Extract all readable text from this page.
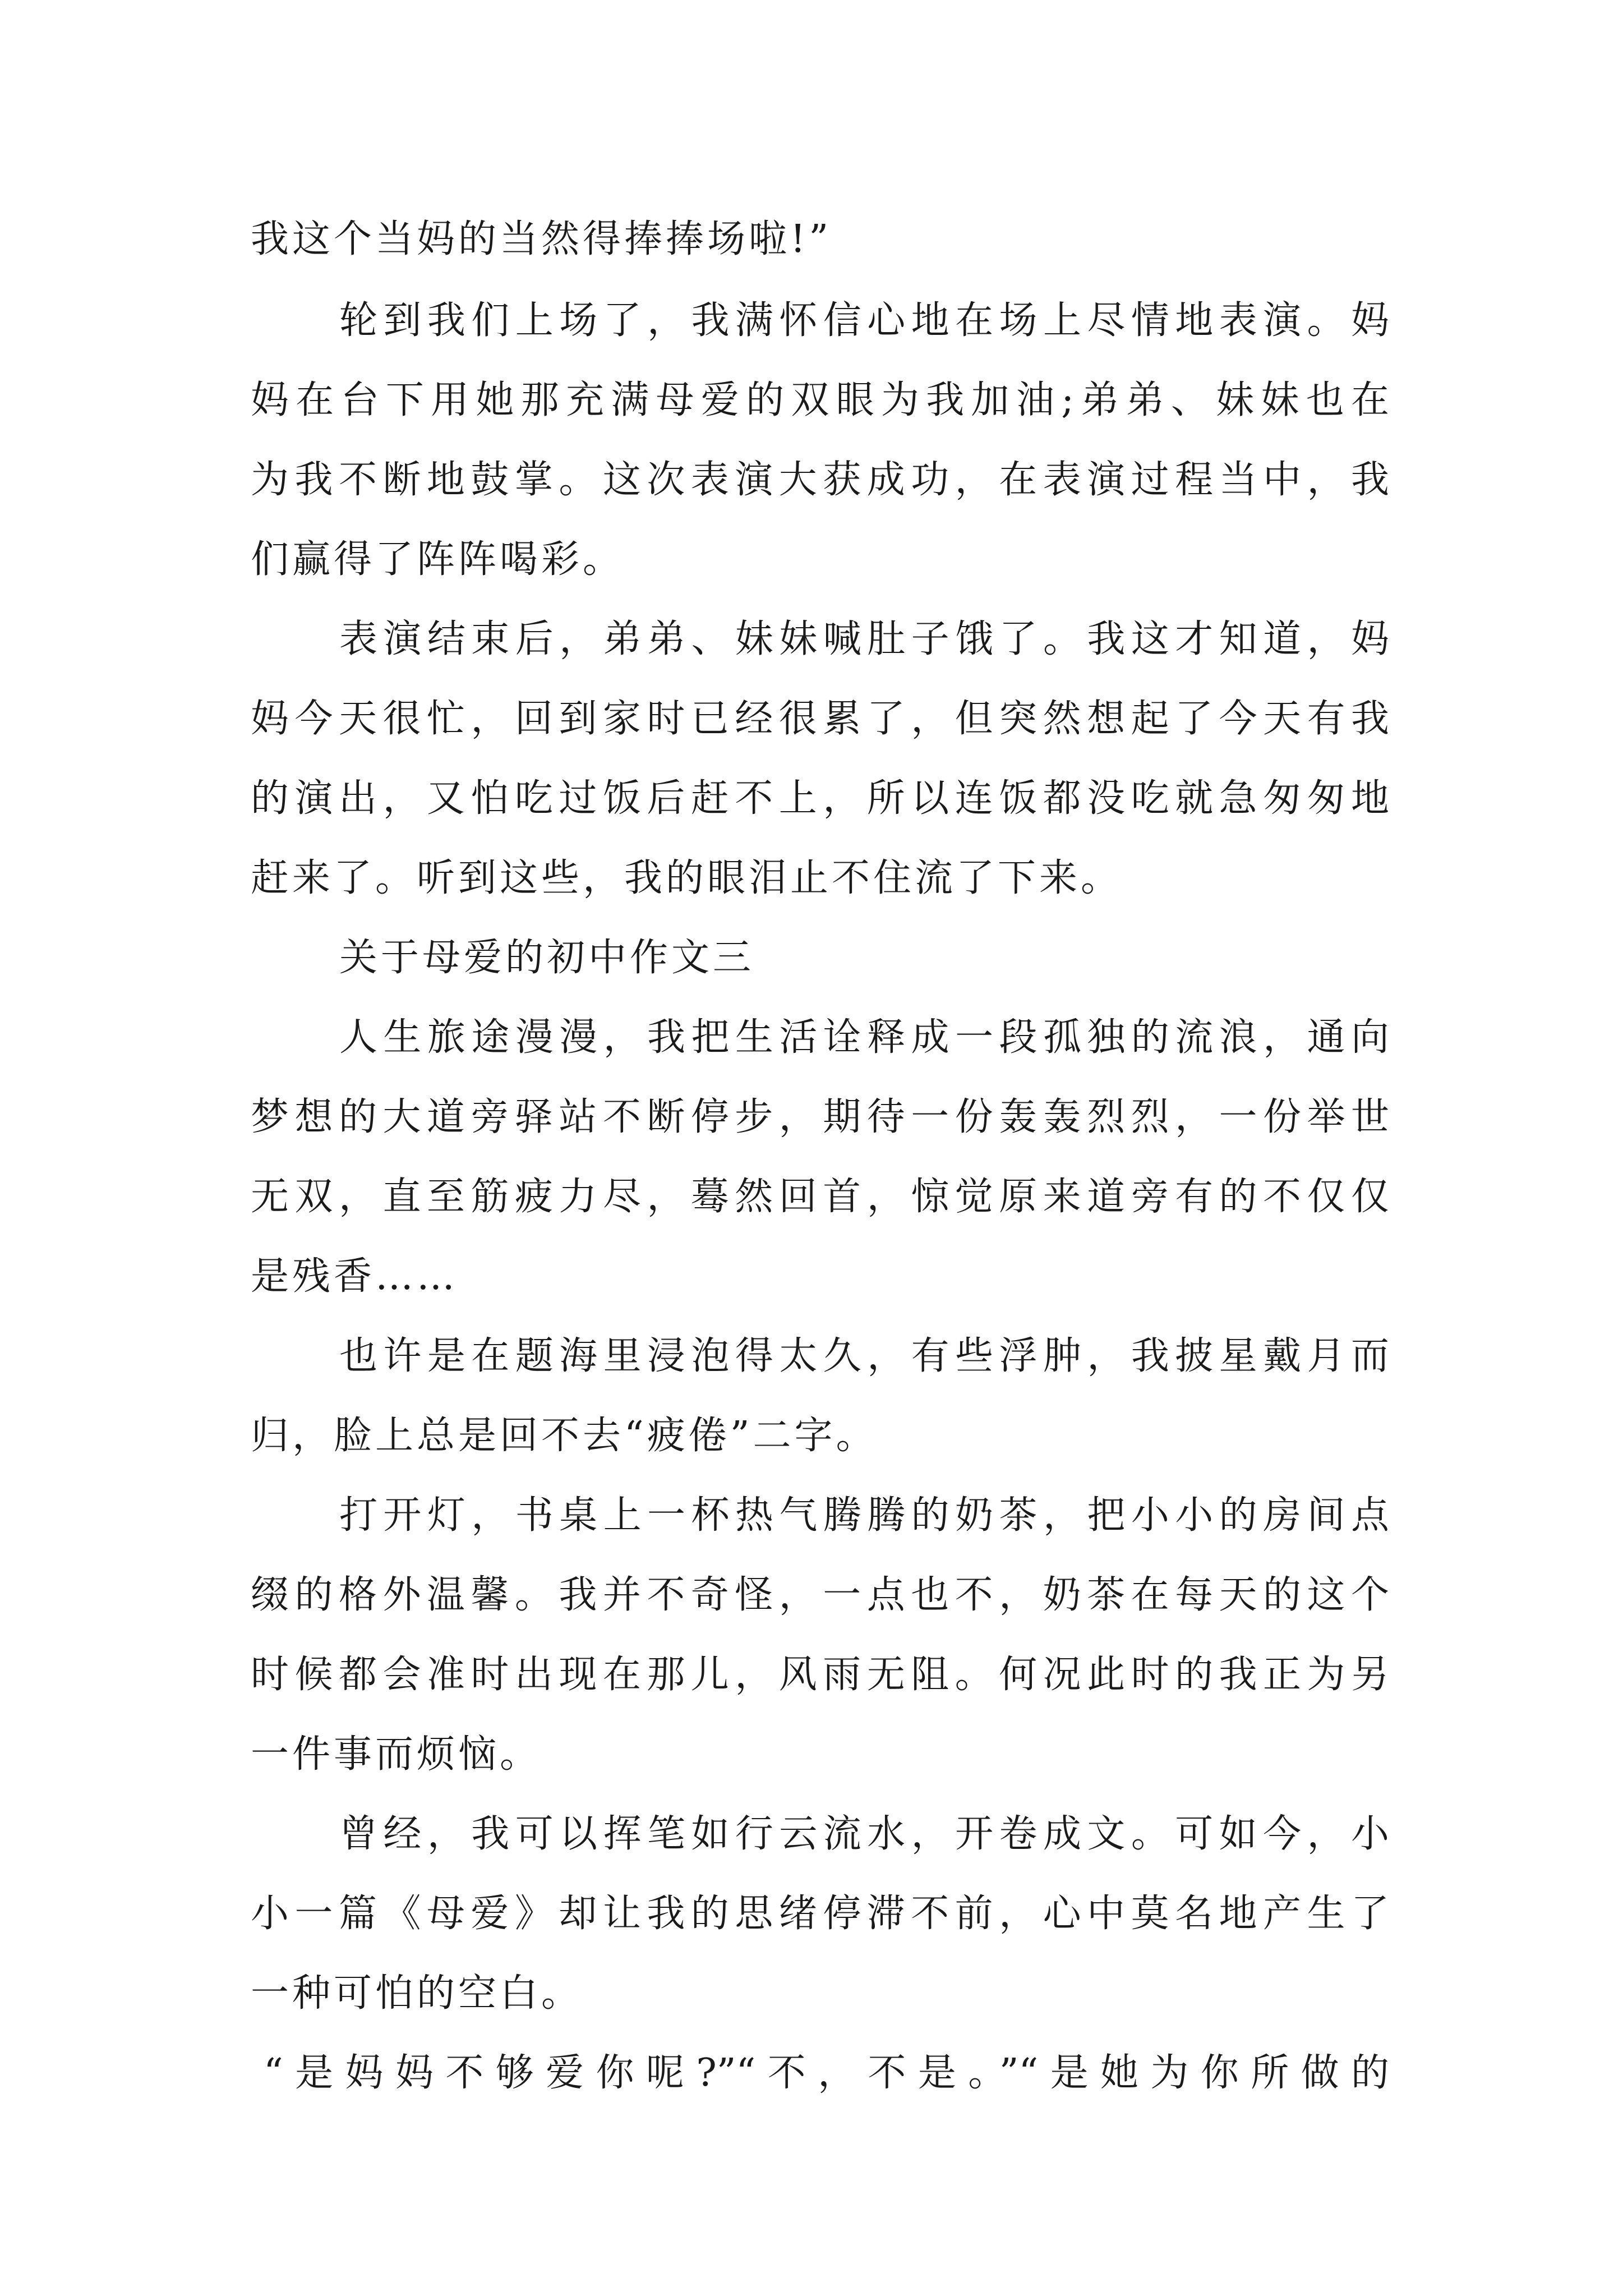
我这个当妈的当然得捧捧场啦!”

轮到我们上场了，我满怀信心地在场上尽情地表演。妈

妈在台下用她那充满母爱的双眼为我加油;弟弟、妹妹也在

为我不断地鼓掌。这次表演大获成功，在表演过程当中，我

们赢得了阵阵喝彩。

表演结束后，弟弟、妹妹喊肚子饿了。我这才知道，妈

妈今天很忙，回到家时已经很累了，但突然想起了今天有我

的演出，又怕吃过饭后赶不上，所以连饭都没吃就急匆匆地

赶来了。听到这些，我的眼泪止不住流了下来。

关于母爱的初中作文三

人生旅途漫漫，我把生活诠释成一段孤独的流浪，通向

梦想的大道旁驿站不断停步，期待一份轰轰烈烈，一份举世

无双，直至筋疲力尽，蓦然回首，惊觉原来道旁有的不仅仅

是残香……

也许是在题海里浸泡得太久，有些浮肿，我披星戴月而

归，脸上总是回不去“疲倦”二字。

打开灯，书桌上一杯热气腾腾的奶茶，把小小的房间点

缀的格外温馨。我并不奇怪，一点也不，奶茶在每天的这个

时候都会准时出现在那儿，风雨无阻。何况此时的我正为另

一件事而烦恼。

曾经，我可以挥笔如行云流水，开卷成文。可如今，小

小一篇《母爱》却让我的思绪停滞不前，心中莫名地产生了

一种可怕的空白。

“是妈妈不够爱你呢?”“不，不是。”“是她为你所做的
